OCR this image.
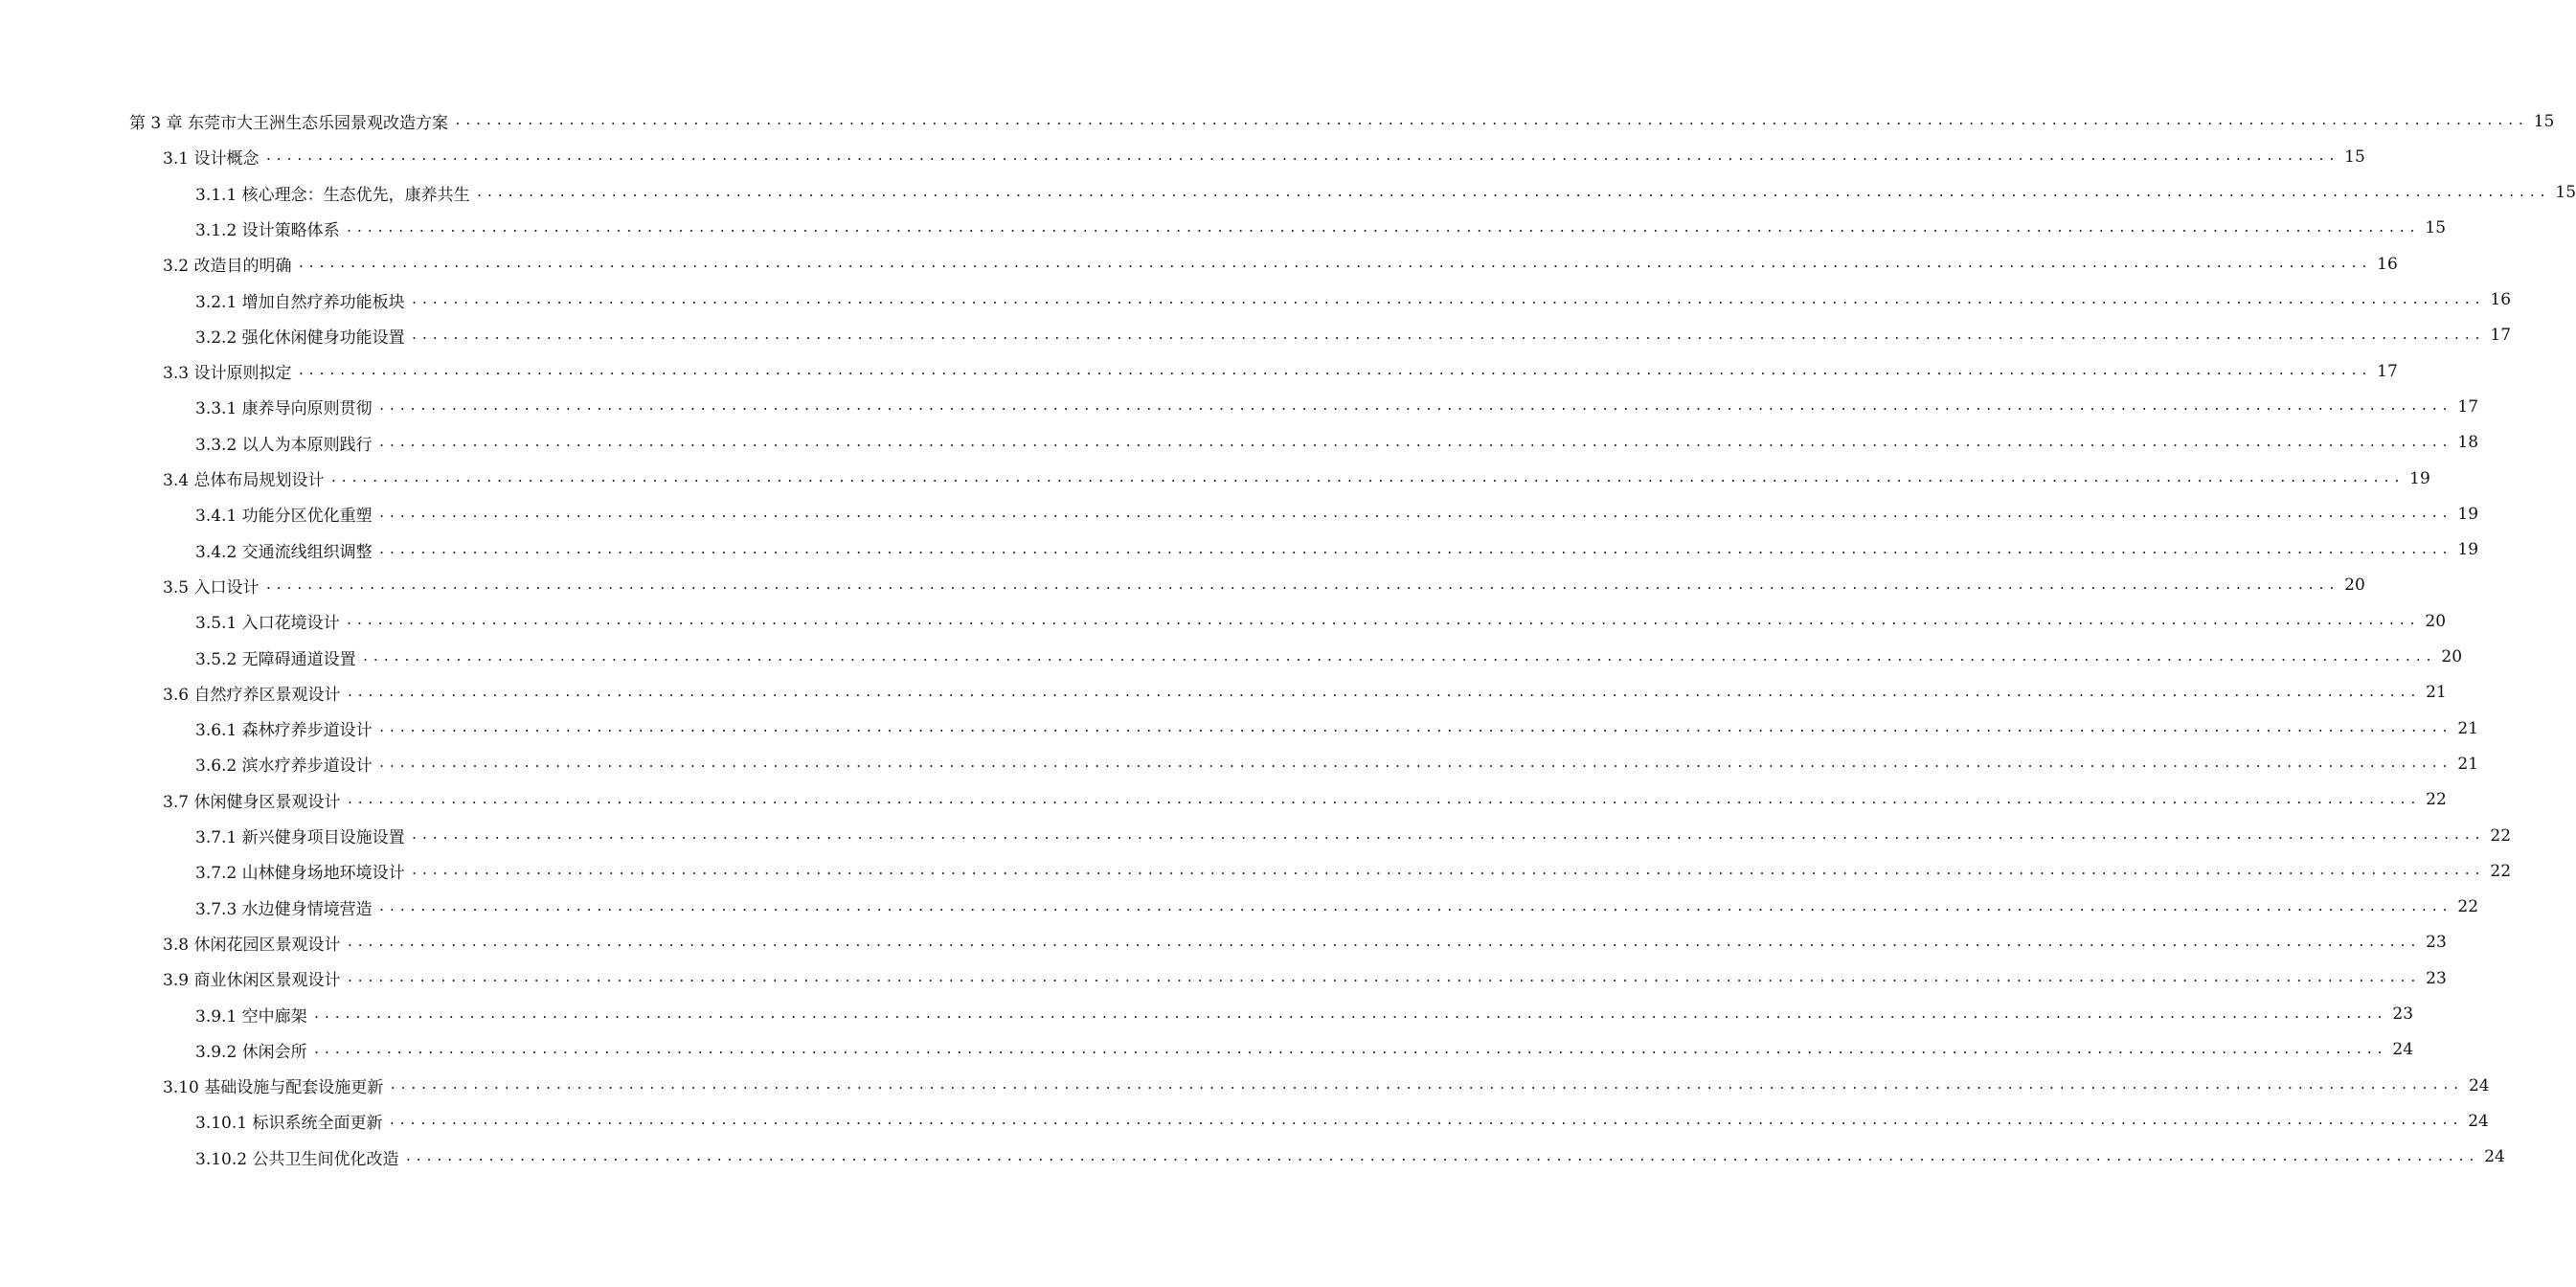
第 3 章 东莞市大王洲生态乐园景观改造方案 ........................................................................................................................................................................................................ 15
3.1 设计概念 ........................................................................................................................................................................................................ 15
3.1.1 核心理念：生态优先，康养共生 ........................................................................................................................................................................................................ 15
3.1.2 设计策略体系 ........................................................................................................................................................................................................ 15
3.2 改造目的明确 ........................................................................................................................................................................................................ 16
3.2.1 增加自然疗养功能板块 ........................................................................................................................................................................................................ 16
3.2.2 强化休闲健身功能设置 ........................................................................................................................................................................................................ 17
3.3 设计原则拟定 ........................................................................................................................................................................................................ 17
3.3.1 康养导向原则贯彻 ........................................................................................................................................................................................................ 17
3.3.2 以人为本原则践行 ........................................................................................................................................................................................................ 18
3.4 总体布局规划设计 ........................................................................................................................................................................................................ 19
3.4.1 功能分区优化重塑 ........................................................................................................................................................................................................ 19
3.4.2 交通流线组织调整 ........................................................................................................................................................................................................ 19
3.5 入口设计 ........................................................................................................................................................................................................ 20
3.5.1 入口花境设计 ........................................................................................................................................................................................................ 20
3.5.2 无障碍通道设置 ........................................................................................................................................................................................................ 20
3.6 自然疗养区景观设计 ........................................................................................................................................................................................................ 21
3.6.1 森林疗养步道设计 ........................................................................................................................................................................................................ 21
3.6.2 滨水疗养步道设计 ........................................................................................................................................................................................................ 21
3.7 休闲健身区景观设计 ........................................................................................................................................................................................................ 22
3.7.1 新兴健身项目设施设置 ........................................................................................................................................................................................................ 22
3.7.2 山林健身场地环境设计 ........................................................................................................................................................................................................ 22
3.7.3 水边健身情境营造 ........................................................................................................................................................................................................ 22
3.8 休闲花园区景观设计 ........................................................................................................................................................................................................ 23
3.9 商业休闲区景观设计 ........................................................................................................................................................................................................ 23
3.9.1 空中廊架 ........................................................................................................................................................................................................ 23
3.9.2 休闲会所 ........................................................................................................................................................................................................ 24
3.10 基础设施与配套设施更新 ........................................................................................................................................................................................................ 24
3.10.1 标识系统全面更新 ........................................................................................................................................................................................................ 24
3.10.2 公共卫生间优化改造 ........................................................................................................................................................................................................ 24
